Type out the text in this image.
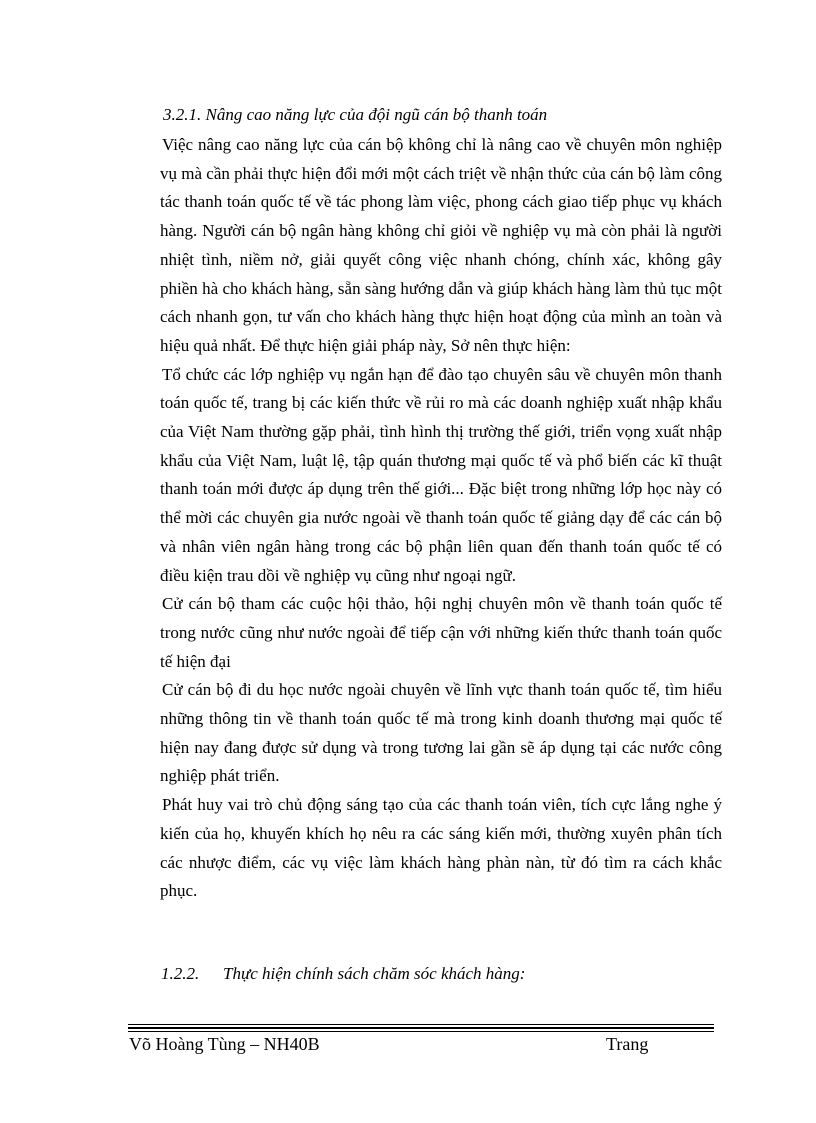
3.2.1. Nâng cao năng lực của đội ngũ cán bộ thanh toán

Việc nâng cao năng lực của cán bộ không chỉ là nâng cao về chuyên môn nghiệp vụ mà cần phải thực hiện đổi mới một cách triệt về nhận thức của cán bộ làm công tác thanh toán quốc tế về tác phong làm việc, phong cách giao tiếp phục vụ khách hàng. Người cán bộ ngân hàng không chỉ giỏi về nghiệp vụ mà còn phải là người nhiệt tình, niềm nở, giải quyết công việc nhanh chóng, chính xác, không gây phiền hà cho khách hàng, sẵn sàng hướng dẫn và giúp khách hàng làm thủ tục một cách nhanh gọn, tư vấn cho khách hàng thực hiện hoạt động của mình an toàn và hiệu quả nhất. Để thực hiện giải pháp này, Sở nên thực hiện:

Tổ chức các lớp nghiệp vụ ngắn hạn để đào tạo chuyên sâu về chuyên môn thanh toán quốc tế, trang bị các kiến thức về rủi ro mà các doanh nghiệp xuất nhập khẩu của Việt Nam thường gặp phải, tình hình thị trường thế giới, triển vọng xuất nhập khẩu của Việt Nam, luật lệ, tập quán thương mại quốc tế và phổ biến các kĩ thuật thanh toán mới được áp dụng trên thế giới... Đặc biệt trong những lớp học này có thể mời các chuyên gia nước ngoài về thanh toán quốc tế giảng dạy để các cán bộ và nhân viên ngân hàng trong các bộ phận liên quan đến thanh toán quốc tế có điều kiện trau dồi về nghiệp vụ cũng như ngoại ngữ.

Cử cán bộ tham các cuộc hội thảo, hội nghị chuyên môn về thanh toán quốc tế trong nước cũng như nước ngoài để tiếp cận với những kiến thức thanh toán quốc tế hiện đại

Cử cán bộ đi du học nước ngoài chuyên về lĩnh vực thanh toán quốc tế, tìm hiểu những thông tin về thanh toán quốc tế mà trong kinh doanh thương mại quốc tế hiện nay đang được sử dụng và trong tương lai gần sẽ áp dụng tại các nước công nghiệp phát triển.

Phát huy vai trò chủ động sáng tạo của các thanh toán viên, tích cực lắng nghe ý kiến của họ, khuyến khích họ nêu ra các sáng kiến mới, thường xuyên phân tích các nhược điểm, các vụ việc làm khách hàng phàn nàn, từ đó tìm ra cách khắc phục.

1.2.2. Thực hiện chính sách chăm sóc khách hàng:
Võ Hoàng Tùng – NH40B	Trang
